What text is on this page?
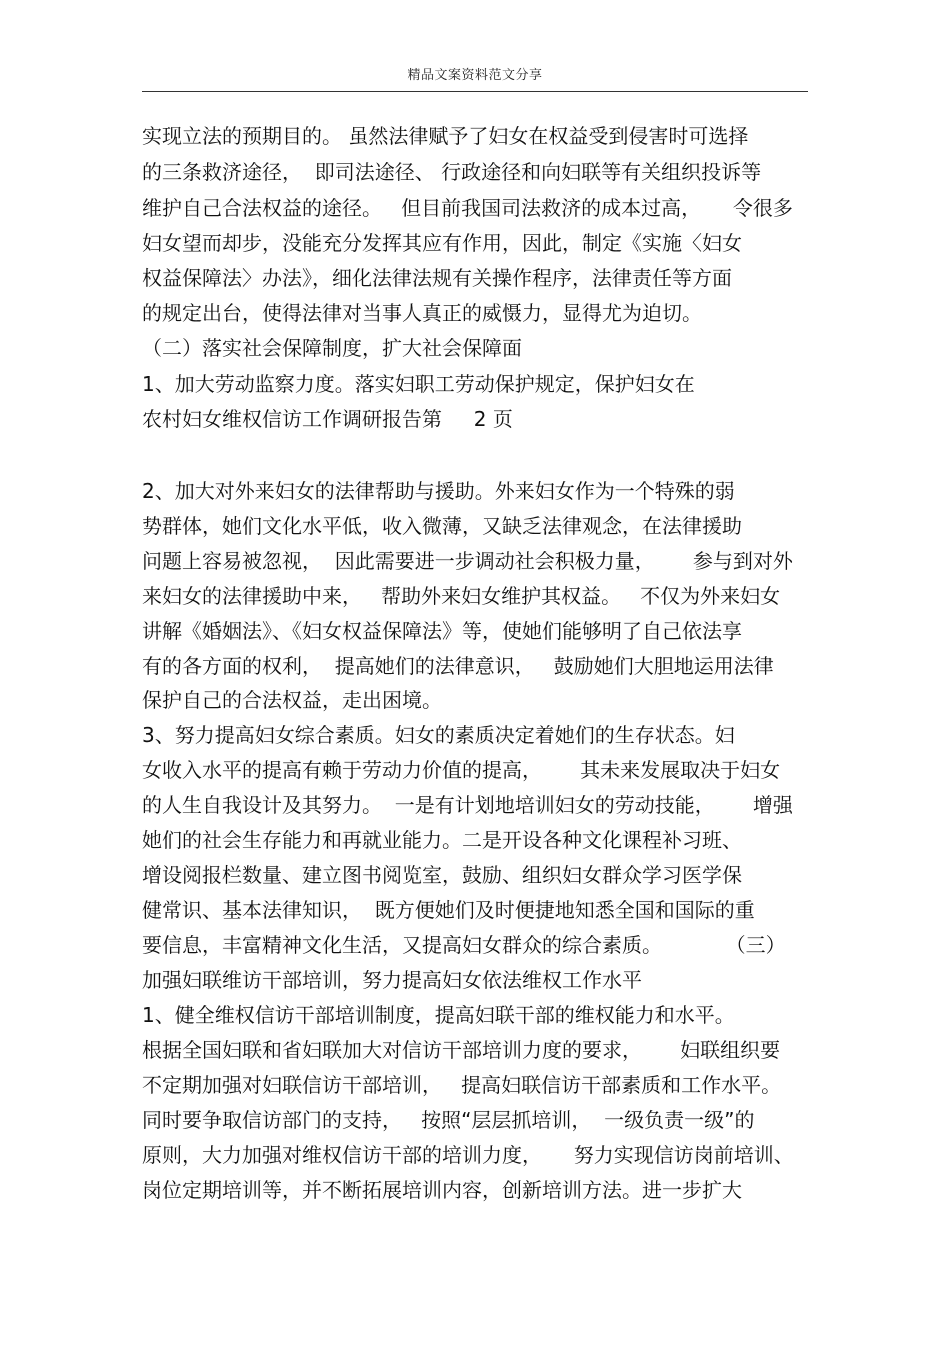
精品文案资料范文分享
实现立法的预期目的。 虽然法律赋予了妇女在权益受到侵害时可选择
的三条救济途径，  即司法途径、 行政途径和向妇联等有关组织投诉等
维护自己合法权益的途径。   但目前我国司法救济的成本过高，     令很多
妇女望而却步，没能充分发挥其应有作用，因此，制定《实施〈妇女
权益保障法〉办法》，细化法律法规有关操作程序，法律责任等方面
的规定出台，使得法律对当事人真正的威慑力，显得尤为迫切。
（二）落实社会保障制度，扩大社会保障面
1、加大劳动监察力度。落实妇职工劳动保护规定，保护妇女在
农村妇女维权信访工作调研报告第     2 页
2、加大对外来妇女的法律帮助与援助。外来妇女作为一个特殊的弱
势群体，她们文化水平低，收入微薄，又缺乏法律观念，在法律援助
问题上容易被忽视，  因此需要进一步调动社会积极力量，      参与到对外
来妇女的法律援助中来，   帮助外来妇女维护其权益。   不仅为外来妇女
讲解《婚姻法》、《妇女权益保障法》等，使她们能够明了自己依法享
有的各方面的权利，  提高她们的法律意识，   鼓励她们大胆地运用法律
保护自己的合法权益，走出困境。
3、努力提高妇女综合素质。妇女的素质决定着她们的生存状态。妇
女收入水平的提高有赖于劳动力价值的提高，      其未来发展取决于妇女
的人生自我设计及其努力。  一是有计划地培训妇女的劳动技能，      增强
她们的社会生存能力和再就业能力。二是开设各种文化课程补习班、
增设阅报栏数量、建立图书阅览室，鼓励、组织妇女群众学习医学保
健常识、基本法律知识，  既方便她们及时便捷地知悉全国和国际的重
要信息，丰富精神文化生活，又提高妇女群众的综合素质。          （三）
加强妇联维访干部培训，努力提高妇女依法维权工作水平
1、健全维权信访干部培训制度，提高妇联干部的维权能力和水平。
根据全国妇联和省妇联加大对信访干部培训力度的要求，      妇联组织要
不定期加强对妇联信访干部培训，   提高妇联信访干部素质和工作水平。
同时要争取信访部门的支持，   按照“层层抓培训，  一级负责一级”的
原则，大力加强对维权信访干部的培训力度，     努力实现信访岗前培训、
岗位定期培训等，并不断拓展培训内容，创新培训方法。进一步扩大
